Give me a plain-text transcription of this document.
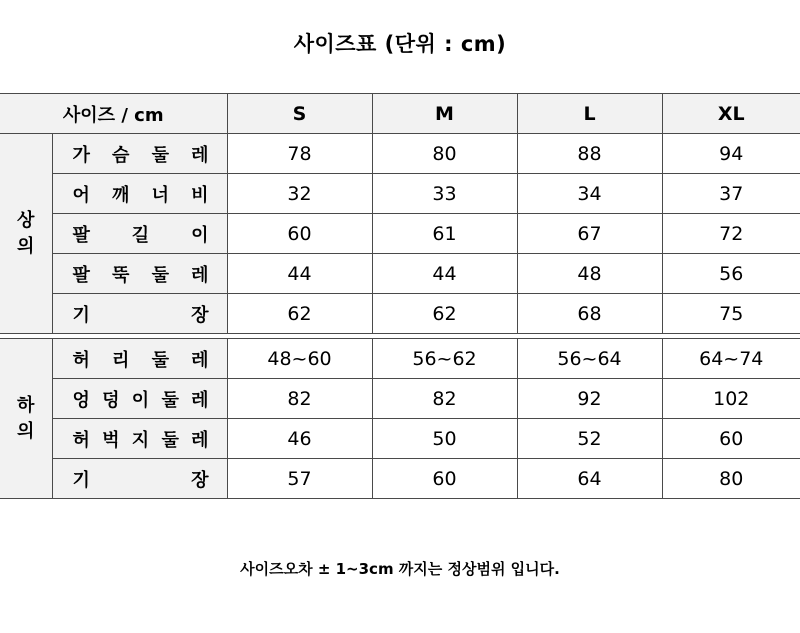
사이즈표 (단위 : cm)
사이즈 / cm		S	M	L	XL

상
의	가 슴 둘 레	78	80	88	94
	어 깨 너 비	32	33	34	37
	팔 길 이	60	61	67	72
	팔 뚝 둘 레	44	44	48	56
	기 장	62	62	68	75

하
의	허 리 둘 레	48~60	56~62	56~64	64~74
	엉 덩 이 둘 레	82	82	92	102
	허 벅 지 둘 레	46	50	52	60
	기 장	57	60	64	80
사이즈오차 ± 1~3cm 까지는 정상범위 입니다.
